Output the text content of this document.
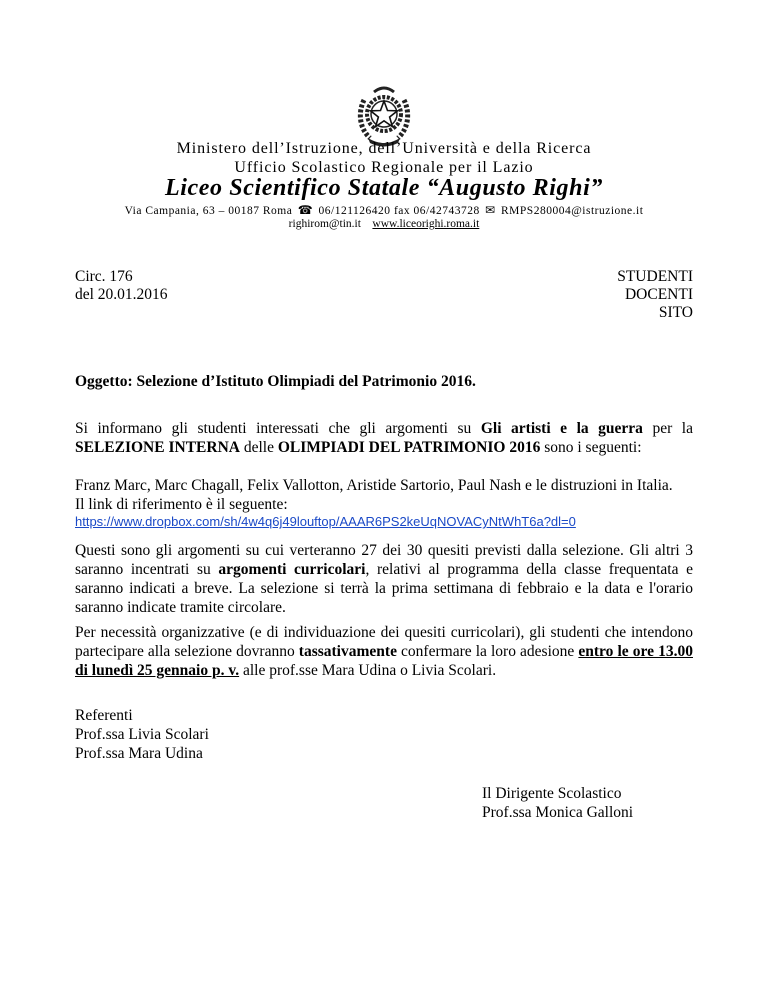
Ministero dell’Istruzione, dell’Università e della Ricerca
Ufficio Scolastico Regionale per il Lazio
Liceo Scientifico Statale “Augusto Righi”
Via Campania, 63 – 00187 Roma ☎ 06/121126420 fax 06/42743728 ✉ RMPS280004@istruzione.it
righirom@tin.it www.liceorighi.roma.it
Circ. 176
del 20.01.2016
STUDENTI
DOCENTI
SITO
Oggetto: Selezione d’Istituto Olimpiadi del Patrimonio 2016.
Si informano gli studenti interessati che gli argomenti su Gli artisti e la guerra per la SELEZIONE INTERNA delle OLIMPIADI DEL PATRIMONIO 2016 sono i seguenti:
Franz Marc, Marc Chagall, Felix Vallotton, Aristide Sartorio, Paul Nash e le distruzioni in Italia.
Il link di riferimento è il seguente:
https://www.dropbox.com/sh/4w4q6j49louftop/AAAR6PS2keUqNOVACyNtWhT6a?dl=0
Questi sono gli argomenti su cui verteranno 27 dei 30 quesiti previsti dalla selezione. Gli altri 3 saranno incentrati su argomenti curricolari, relativi al programma della classe frequentata e saranno indicati a breve. La selezione si terrà la prima settimana di febbraio e la data e l'orario saranno indicate tramite circolare.
Per necessità organizzative (e di individuazione dei quesiti curricolari), gli studenti che intendono partecipare alla selezione dovranno tassativamente confermare la loro adesione entro le ore 13.00 di lunedì 25 gennaio p. v. alle prof.sse Mara Udina o Livia Scolari.
Referenti
Prof.ssa Livia Scolari
Prof.ssa Mara Udina
Il Dirigente Scolastico
Prof.ssa Monica Galloni
